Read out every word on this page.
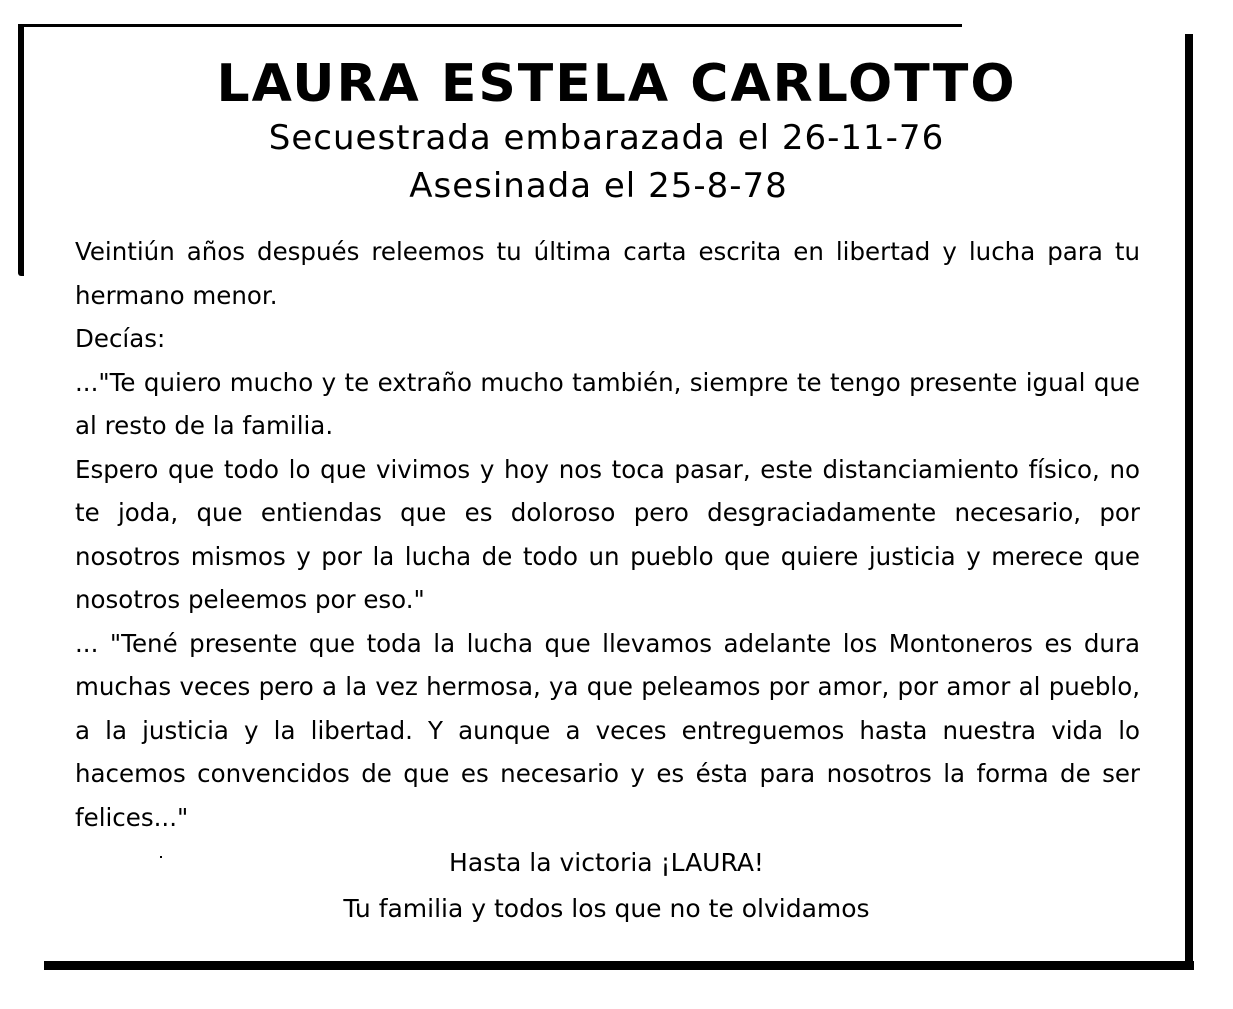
LAURA ESTELA CARLOTTO
Secuestrada embarazada el 26-11-76
Asesinada el 25-8-78

Veintiún años después releemos tu última carta escrita en libertad y lucha para tu hermano menor.

Decías:

..."Te quiero mucho y te extraño mucho también, siempre te tengo presente igual que al resto de la familia.

Espero que todo lo que vivimos y hoy nos toca pasar, este distanciamiento físico, no te joda, que entiendas que es doloroso pero desgraciadamente necesario, por nosotros mismos y por la lucha de todo un pueblo que quiere justicia y merece que nosotros peleemos por eso."

... "Tené presente que toda la lucha que llevamos adelante los Montoneros es dura muchas veces pero a la vez hermosa, ya que peleamos por amor, por amor al pueblo, a la justicia y la libertad. Y aunque a veces entreguemos hasta nuestra vida lo hacemos convencidos de que es necesario y es ésta para nosotros la forma de ser felices..."

Hasta la victoria ¡LAURA!
Tu familia y todos los que no te olvidamos
